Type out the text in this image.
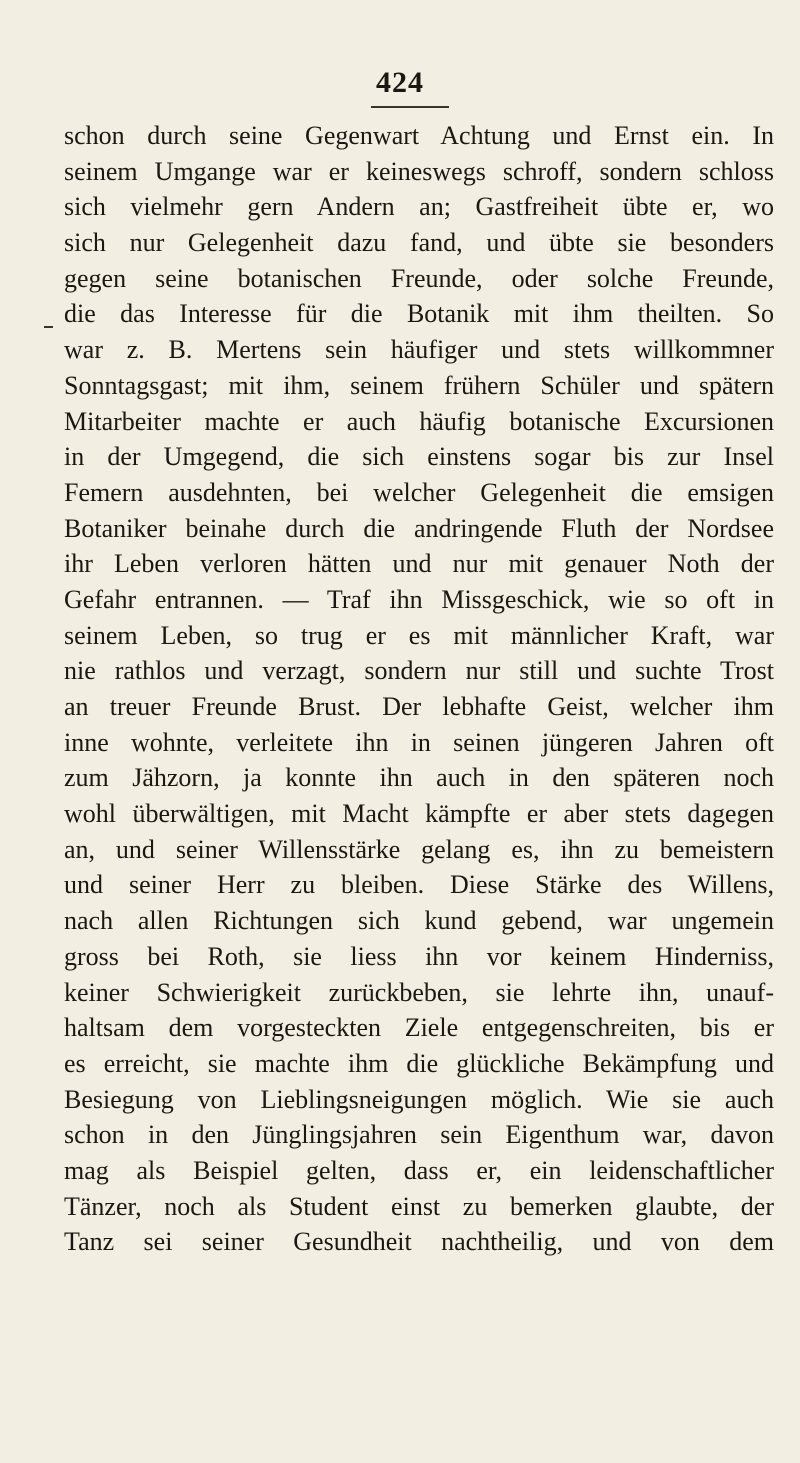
424
schon durch seine Gegenwart Achtung und Ernst ein. In
seinem Umgange war er keineswegs schroff, sondern schloss
sich vielmehr gern Andern an; Gastfreiheit übte er, wo
sich nur Gelegenheit dazu fand, und übte sie besonders
gegen seine botanischen Freunde, oder solche Freunde,
die das Interesse für die Botanik mit ihm theilten. So
war z. B. Mertens sein häufiger und stets willkommner
Sonntagsgast; mit ihm, seinem frühern Schüler und spätern
Mitarbeiter machte er auch häufig botanische Excursionen
in der Umgegend, die sich einstens sogar bis zur Insel
Femern ausdehnten, bei welcher Gelegenheit die emsigen
Botaniker beinahe durch die andringende Fluth der Nordsee
ihr Leben verloren hätten und nur mit genauer Noth der
Gefahr entrannen. — Traf ihn Missgeschick, wie so oft in
seinem Leben, so trug er es mit männlicher Kraft, war
nie rathlos und verzagt, sondern nur still und suchte Trost
an treuer Freunde Brust. Der lebhafte Geist, welcher ihm
inne wohnte, verleitete ihn in seinen jüngeren Jahren oft
zum Jähzorn, ja konnte ihn auch in den späteren noch
wohl überwältigen, mit Macht kämpfte er aber stets dagegen
an, und seiner Willensstärke gelang es, ihn zu bemeistern
und seiner Herr zu bleiben. Diese Stärke des Willens,
nach allen Richtungen sich kund gebend, war ungemein
gross bei Roth, sie liess ihn vor keinem Hinderniss,
keiner Schwierigkeit zurückbeben, sie lehrte ihn, unauf-
haltsam dem vorgesteckten Ziele entgegenschreiten, bis er
es erreicht, sie machte ihm die glückliche Bekämpfung und
Besiegung von Lieblingsneigungen möglich. Wie sie auch
schon in den Jünglingsjahren sein Eigenthum war, davon
mag als Beispiel gelten, dass er, ein leidenschaftlicher
Tänzer, noch als Student einst zu bemerken glaubte, der
Tanz sei seiner Gesundheit nachtheilig, und von dem
